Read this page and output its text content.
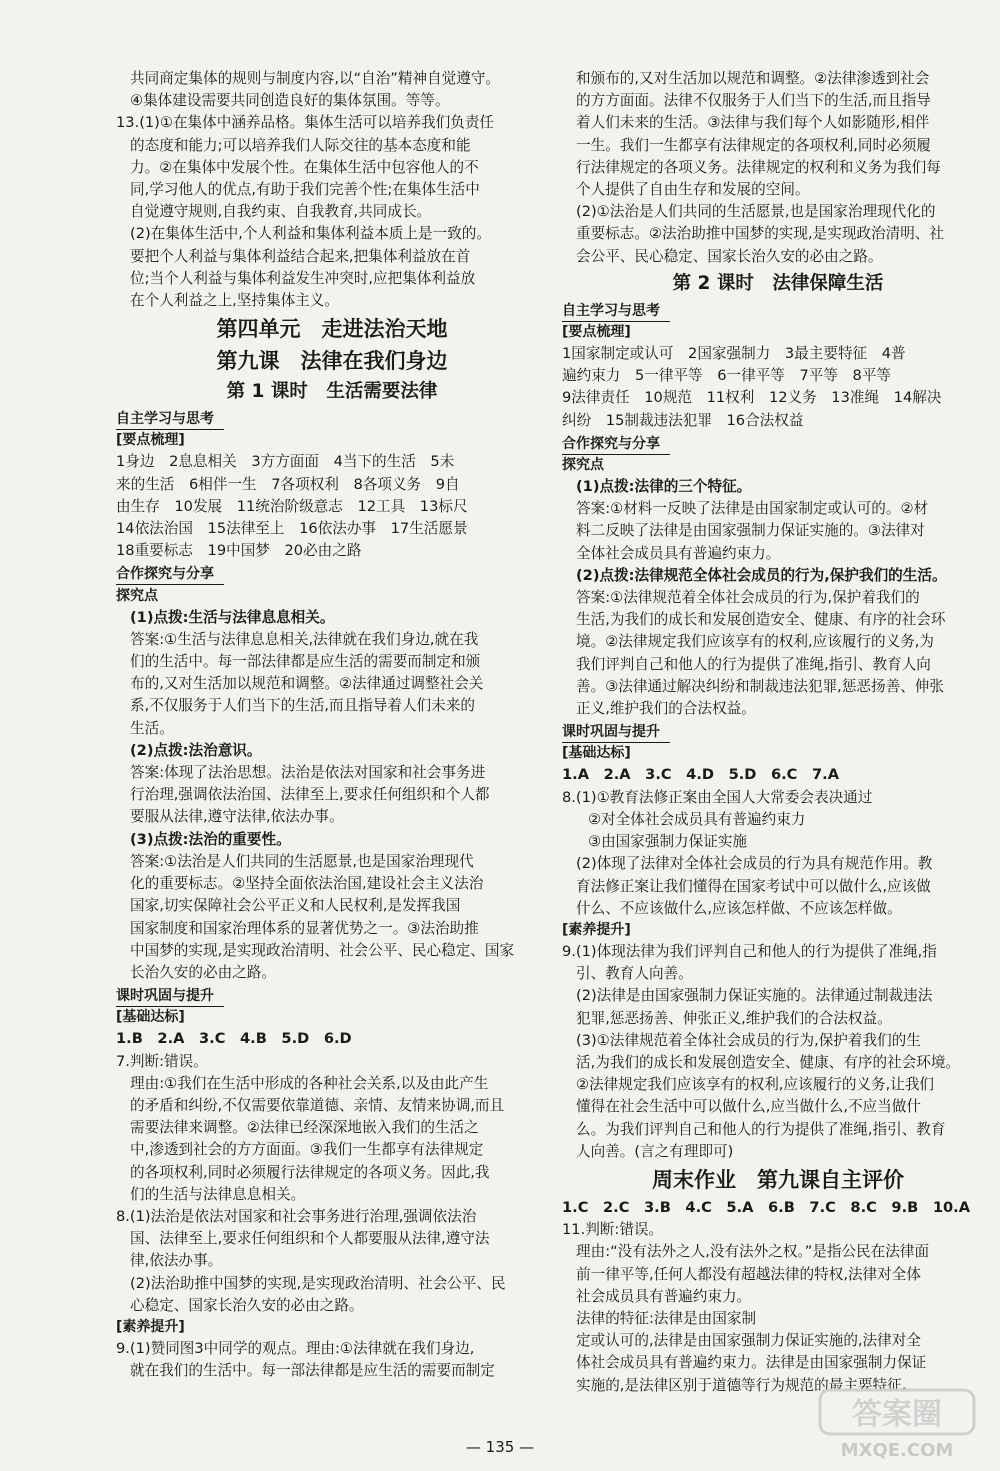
共同商定集体的规则与制度内容,以“自治”精神自觉遵守。
④集体建设需要共同创造良好的集体氛围。等等。
13.(1)①在集体中涵养品格。集体生活可以培养我们负责任
的态度和能力;可以培养我们人际交往的基本态度和能
力。②在集体中发展个性。在集体生活中包容他人的不
同,学习他人的优点,有助于我们完善个性;在集体生活中
自觉遵守规则,自我约束、自我教育,共同成长。
(2)在集体生活中,个人利益和集体利益本质上是一致的。
要把个人利益与集体利益结合起来,把集体利益放在首
位;当个人利益与集体利益发生冲突时,应把集体利益放
在个人利益之上,坚持集体主义。
第四单元　走进法治天地
第九课　法律在我们身边
第 1 课时　生活需要法律
自主学习与思考
[要点梳理]
1身边　2息息相关　3方方面面　4当下的生活　5未
来的生活　6相伴一生　7各项权利　8各项义务　9自
由生存　10发展　11统治阶级意志　12工具　13标尺
14依法治国　15法律至上　16依法办事　17生活愿景
18重要标志　19中国梦　20必由之路
合作探究与分享
探究点
(1)点拨:生活与法律息息相关。
答案:①生活与法律息息相关,法律就在我们身边,就在我
们的生活中。每一部法律都是应生活的需要而制定和颁
布的,又对生活加以规范和调整。②法律通过调整社会关
系,不仅服务于人们当下的生活,而且指导着人们未来的
生活。
(2)点拨:法治意识。
答案:体现了法治思想。法治是依法对国家和社会事务进
行治理,强调依法治国、法律至上,要求任何组织和个人都
要服从法律,遵守法律,依法办事。
(3)点拨:法治的重要性。
答案:①法治是人们共同的生活愿景,也是国家治理现代
化的重要标志。②坚持全面依法治国,建设社会主义法治
国家,切实保障社会公平正义和人民权利,是发挥我国
国家制度和国家治理体系的显著优势之一。③法治助推
中国梦的实现,是实现政治清明、社会公平、民心稳定、国家
长治久安的必由之路。
课时巩固与提升
[基础达标]
1.B　2.A　3.C　4.B　5.D　6.D
7.判断:错误。
理由:①我们在生活中形成的各种社会关系,以及由此产生
的矛盾和纠纷,不仅需要依靠道德、亲情、友情来协调,而且
需要法律来调整。②法律已经深深地嵌入我们的生活之
中,渗透到社会的方方面面。③我们一生都享有法律规定
的各项权利,同时必须履行法律规定的各项义务。因此,我
们的生活与法律息息相关。
8.(1)法治是依法对国家和社会事务进行治理,强调依法治
国、法律至上,要求任何组织和个人都要服从法律,遵守法
律,依法办事。
(2)法治助推中国梦的实现,是实现政治清明、社会公平、民
心稳定、国家长治久安的必由之路。
[素养提升]
9.(1)赞同图3中同学的观点。理由:①法律就在我们身边,
就在我们的生活中。每一部法律都是应生活的需要而制定
和颁布的,又对生活加以规范和调整。②法律渗透到社会
的方方面面。法律不仅服务于人们当下的生活,而且指导
着人们未来的生活。③法律与我们每个人如影随形,相伴
一生。我们一生都享有法律规定的各项权利,同时必须履
行法律规定的各项义务。法律规定的权利和义务为我们每
个人提供了自由生存和发展的空间。
(2)①法治是人们共同的生活愿景,也是国家治理现代化的
重要标志。②法治助推中国梦的实现,是实现政治清明、社
会公平、民心稳定、国家长治久安的必由之路。
第 2 课时　法律保障生活
自主学习与思考
[要点梳理]
1国家制定或认可　2国家强制力　3最主要特征　4普
遍约束力　5一律平等　6一律平等　7平等　8平等
9法律责任　10规范　11权利　12义务　13准绳　14解决
纠纷　15制裁违法犯罪　16合法权益
合作探究与分享
探究点
(1)点拨:法律的三个特征。
答案:①材料一反映了法律是由国家制定或认可的。②材
料二反映了法律是由国家强制力保证实施的。③法律对
全体社会成员具有普遍约束力。
(2)点拨:法律规范全体社会成员的行为,保护我们的生活。
答案:①法律规范着全体社会成员的行为,保护着我们的
生活,为我们的成长和发展创造安全、健康、有序的社会环
境。②法律规定我们应该享有的权利,应该履行的义务,为
我们评判自己和他人的行为提供了准绳,指引、教育人向
善。③法律通过解决纠纷和制裁违法犯罪,惩恶扬善、伸张
正义,维护我们的合法权益。
课时巩固与提升
[基础达标]
1.A　2.A　3.C　4.D　5.D　6.C　7.A
8.(1)①教育法修正案由全国人大常委会表决通过
②对全体社会成员具有普遍约束力
③由国家强制力保证实施
(2)体现了法律对全体社会成员的行为具有规范作用。教
育法修正案让我们懂得在国家考试中可以做什么,应该做
什么、不应该做什么,应该怎样做、不应该怎样做。
[素养提升]
9.(1)体现法律为我们评判自己和他人的行为提供了准绳,指
引、教育人向善。
(2)法律是由国家强制力保证实施的。法律通过制裁违法
犯罪,惩恶扬善、伸张正义,维护我们的合法权益。
(3)①法律规范着全体社会成员的行为,保护着我们的生
活,为我们的成长和发展创造安全、健康、有序的社会环境。
②法律规定我们应该享有的权利,应该履行的义务,让我们
懂得在社会生活中可以做什么,应当做什么,不应当做什
么。为我们评判自己和他人的行为提供了准绳,指引、教育
人向善。(言之有理即可)
周末作业　第九课自主评价
1.C　2.C　3.B　4.C　5.A　6.B　7.C　8.C　9.B　10.A
11.判断:错误。
理由:“没有法外之人,没有法外之权。”是指公民在法律面
前一律平等,任何人都没有超越法律的特权,法律对全体
社会成员具有普遍约束力。
法律的特征:法律是由国家制
定或认可的,法律是由国家强制力保证实施的,法律对全
体社会成员具有普遍约束力。法律是由国家强制力保证
实施的,是法律区别于道德等行为规范的最主要特征。
— 135 —
答案圈
MXQE.COM
